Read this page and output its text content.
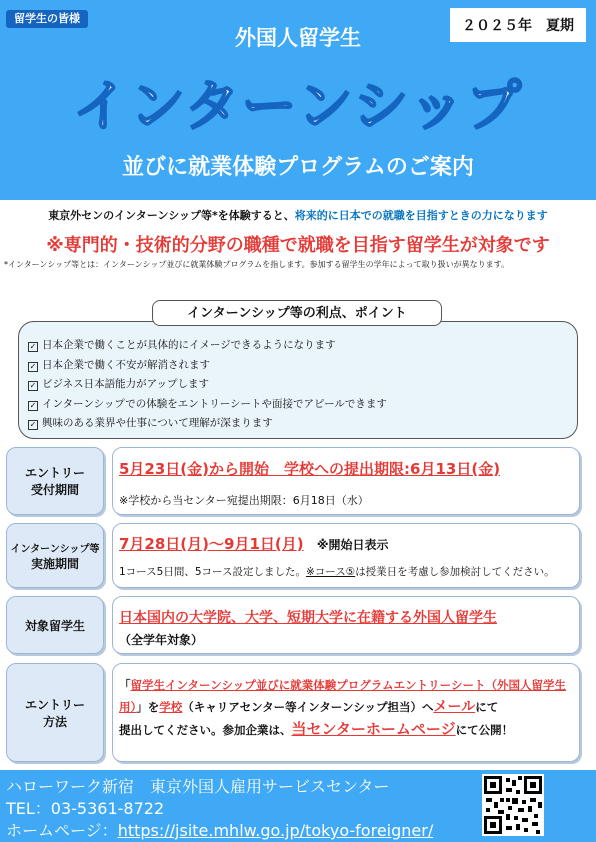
留学生の皆様	２０２５年　夏期
外国人留学生
インターンシップ
並びに就業体験プログラムのご案内
東京外センのインターンシップ等*を体験すると、将来的に日本での就職を目指すときの力になります
※専門的・技術的分野の職種で就職を目指す留学生が対象です
*インターンシップ等とは：インターンシップ並びに就業体験プログラムを指します。参加する留学生の学年によって取り扱いが異なります。
インターンシップ等の利点、ポイント
✓ 日本企業で働くことが具体的にイメージできるようになります
✓ 日本企業で働く不安が解消されます
✓ ビジネス日本語能力がアップします
✓ インターンシップでの体験をエントリーシートや面接でアピールできます
✓ 興味のある業界や仕事について理解が深まります
エントリー
受付期間
5月23日(金)から開始　学校への提出期限:6月13日(金)
※学校から当センター宛提出期限：6月18日（水）
インターンシップ等
実施期間
7月28日(月)～9月1日(月) ※開始日表示
1コース5日間、5コース設定しました。※コース⑤は授業日を考慮し参加検討してください。
対象留学生 日本国内の大学院、大学、短期大学に在籍する外国人留学生
（全学年対象）
エントリー
方法
「留学生インターンシップ並びに就業体験プログラムエントリーシート（外国人留学生用）」を学校（キャリアセンター等インターンシップ担当）へメールにて
提出してください。参加企業は、当センターホームページにて公開！
ハローワーク新宿　東京外国人雇用サービスセンター
TEL：03-5361-8722
ホームページ：https://jsite.mhlw.go.jp/tokyo-foreigner/
